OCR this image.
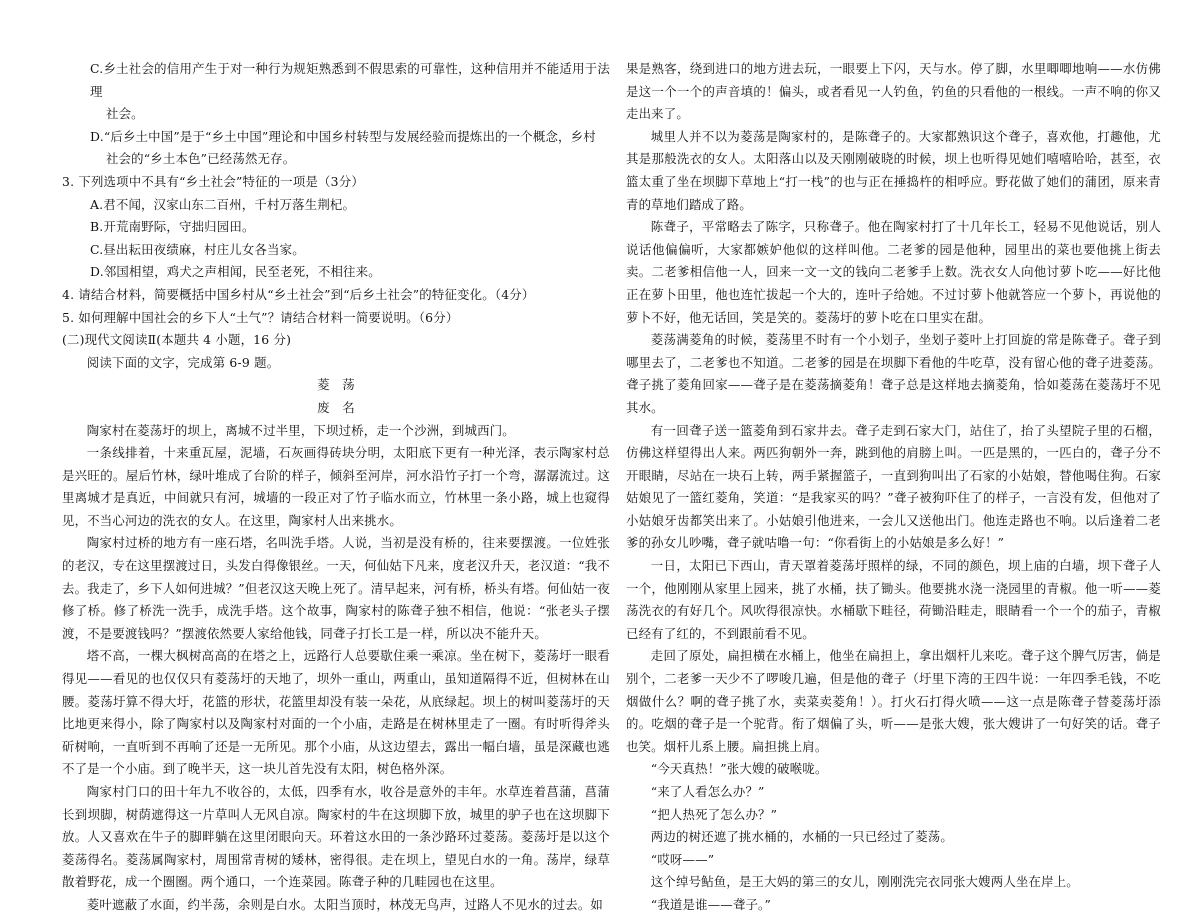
C.乡土社会的信用产生于对一种行为规矩熟悉到不假思索的可靠性，这种信用并不能适用于法理

社会。

D.“后乡土中国”是于“乡土中国”理论和中国乡村转型与发展经验而提炼出的一个概念，乡村

社会的“乡土本色”已经荡然无存。

3. 下列选项中不具有“乡土社会”特征的一项是（3分）

A.君不闻，汉家山东二百州，千村万落生荆杞。

B.开荒南野际，守拙归园田。

C.昼出耘田夜绩麻，村庄儿女各当家。

D.邻国相望，鸡犬之声相闻，民至老死，不相往来。

4. 请结合材料，简要概括中国乡村从“乡土社会”到“后乡土社会”的特征变化。（4分）

5. 如何理解中国社会的乡下人“土气”？请结合材料一简要说明。（6分）

(二)现代文阅读Ⅱ(本题共 4 小题，16 分)

阅读下面的文字，完成第 6-9 题。

菱　荡

废　名

陶家村在菱荡圩的坝上，离城不过半里，下坝过桥，走一个沙洲，到城西门。

一条线排着，十来重瓦屋，泥墙，石灰画得砖块分明，太阳底下更有一种光泽，表示陶家村总是兴旺的。屋后竹林，绿叶堆成了台阶的样子，倾斜至河岸，河水沿竹子打一个弯，潺潺流过。这里离城才是真近，中间就只有河，城墙的一段正对了竹子临水而立，竹林里一条小路，城上也窥得见，不当心河边的洗衣的女人。在这里，陶家村人出来挑水。

陶家村过桥的地方有一座石塔，名叫洗手塔。人说，当初是没有桥的，往来要摆渡。一位姓张的老汉，专在这里摆渡过日，头发白得像银丝。一天，何仙姑下凡来，度老汉升天，老汉道：“我不去。我走了，乡下人如何进城？”但老汉这天晚上死了。清早起来，河有桥，桥头有塔。何仙姑一夜修了桥。修了桥洗一洗手，成洗手塔。这个故事，陶家村的陈聋子独不相信，他说：“张老头子摆渡，不是要渡钱吗？”摆渡依然要人家给他钱，同聋子打长工是一样，所以决不能升天。

塔不高，一棵大枫树高高的在塔之上，远路行人总要歇住乘一乘凉。坐在树下，菱荡圩一眼看得见——看见的也仅仅只有菱荡圩的天地了，坝外一重山，两重山，虽知道隔得不近，但树林在山腰。菱荡圩算不得大圩，花篮的形状，花篮里却没有装一朵花，从底绿起。坝上的树叫菱荡圩的天比地更来得小，除了陶家村以及陶家村对面的一个小庙，走路是在树林里走了一圈。有时听得斧头斫树响，一直听到不再响了还是一无所见。那个小庙，从这边望去，露出一幅白墙，虽是深藏也逃不了是一个小庙。到了晚半天，这一块儿首先没有太阳，树色格外深。

陶家村门口的田十年九不收谷的，太低，四季有水，收谷是意外的丰年。水草连着菖蒲，菖蒲长到坝脚，树荫遮得这一片草叫人无风自凉。陶家村的牛在这坝脚下放，城里的驴子也在这坝脚下放。人又喜欢在牛子的脚畔躺在这里闭眼向天。环着这水田的一条沙路环过菱荡。菱荡圩是以这个菱荡得名。菱荡属陶家村，周围常青树的矮林，密得很。走在坝上，望见白水的一角。荡岸，绿草散着野花，成一个圈圈。两个通口，一个连菜园。陈聋子种的几畦园也在这里。

菱叶遮蔽了水面，约半荡，余则是白水。太阳当顶时，林茂无鸟声，过路人不见水的过去。如

果是熟客，绕到进口的地方进去玩，一眼要上下闪，天与水。停了脚，水里唧唧地响——水仿佛是这一个一个的声音填的！偏头，或者看见一人钓鱼，钓鱼的只看他的一根线。一声不响的你又走出来了。

城里人并不以为菱荡是陶家村的，是陈聋子的。大家都熟识这个聋子，喜欢他，打趣他，尤其是那般洗衣的女人。太阳落山以及天刚刚破晓的时候，坝上也听得见她们嘻嘻哈哈，甚至，衣篮太重了坐在坝脚下草地上“打一栈”的也与正在捶捣杵的相呼应。野花做了她们的蒲团，原来青青的草地们踏成了路。

陈聋子，平常略去了陈字，只称聋子。他在陶家村打了十几年长工，轻易不见他说话，别人说话他偏偏听，大家都嫉妒他似的这样叫他。二老爹的园是他种，园里出的菜也要他挑上街去卖。二老爹相信他一人，回来一文一文的钱向二老爹手上数。洗衣女人向他讨萝卜吃——好比他正在萝卜田里，他也连忙拔起一个大的，连叶子给她。不过讨萝卜他就答应一个萝卜，再说他的萝卜不好，他无话回，笑是笑的。菱荡圩的萝卜吃在口里实在甜。

菱荡满菱角的时候，菱荡里不时有一个小划子，坐划子菱叶上打回旋的常是陈聋子。聋子到哪里去了，二老爹也不知道。二老爹的园是在坝脚下看他的牛吃草，没有留心他的聋子进菱荡。聋子挑了菱角回家——聋子是在菱荡摘菱角！聋子总是这样地去摘菱角，恰如菱荡在菱荡圩不见其水。

有一回聋子送一篮菱角到石家井去。聋子走到石家大门，站住了，抬了头望院子里的石榴，仿佛这样望得出人来。两匹狗朝外一奔，跳到他的肩膀上叫。一匹是黑的，一匹白的，聋子分不开眼睛，尽站在一块石上转，两手紧握篮子，一直到狗叫出了石家的小姑娘，替他喝住狗。石家姑娘见了一篮红菱角，笑道：“是我家买的吗？”聋子被狗吓住了的样子，一言没有发，但他对了小姑娘牙齿都笑出来了。小姑娘引他进来，一会儿又送他出门。他连走路也不响。以后逢着二老爹的孙女儿吵嘴，聋子就咕噜一句：“你看街上的小姑娘是多么好！”

一日，太阳已下西山，青天罩着菱荡圩照样的绿，不同的颜色，坝上庙的白墙，坝下聋子人一个，他刚刚从家里上园来，挑了水桶，扶了锄头。他要挑水浇一浇园里的青椒。他一听——菱荡洗衣的有好几个。风吹得很凉快。水桶歇下畦径，荷锄沿畦走，眼睛看一个一个的茄子，青椒已经有了红的，不到跟前看不见。

走回了原处，扁担横在水桶上，他坐在扁担上，拿出烟杆儿来吃。聋子这个脾气厉害，倘是别个，二老爹一天少不了啰唆几遍，但是他的聋子（圩里下湾的王四牛说：一年四季毛钱，不吃烟做什么？啊的聋子挑了水，卖菜卖菱角！）。打火石打得火喷——这一点是陈聋子替菱荡圩添的。吃烟的聋子是一个驼背。衔了烟偏了头，听——是张大嫂，张大嫂讲了一句好笑的话。聋子也笑。烟杆儿系上腰。扁担挑上肩。

“今天真热！”张大嫂的破喉咙。

“来了人看怎么办？”

“把人热死了怎么办？”

两边的树还遮了挑水桶的，水桶的一只已经过了菱荡。

“哎呀——”

这个绰号鲇鱼，是王大妈的第三的女儿，刚刚洗完衣同张大嫂两人坐在岸上。

“我道是谁——聋子。”
